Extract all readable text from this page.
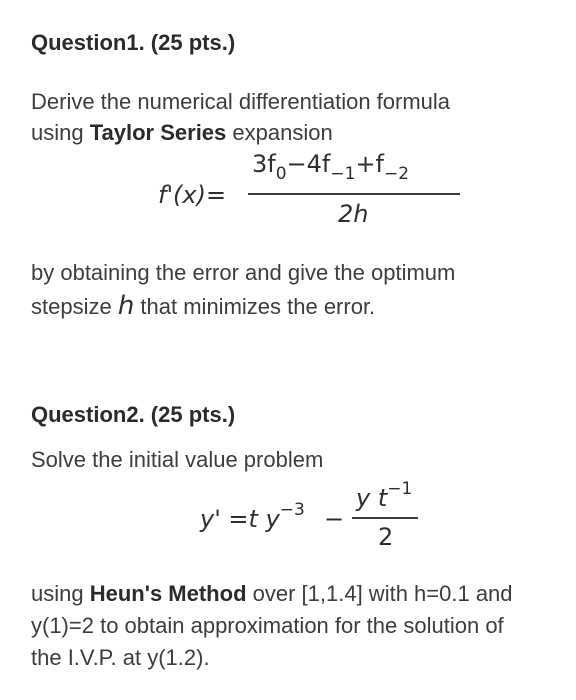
Question1. (25 pts.)
Derive the numerical differentiation formula
using Taylor Series expansion
f'(x)=
$3f_0-4f_{-1}+f_{-2}$
2h
by obtaining the error and give the optimum
stepsize h that minimizes the error.
Question2. (25 pts.)
Solve the initial value problem
y' =t $y^{-3}$ −
y $t^{-1}$
2
using Heun's Method over [1,1.4] with h=0.1 and
y(1)=2 to obtain approximation for the solution of
the I.V.P. at y(1.2).
